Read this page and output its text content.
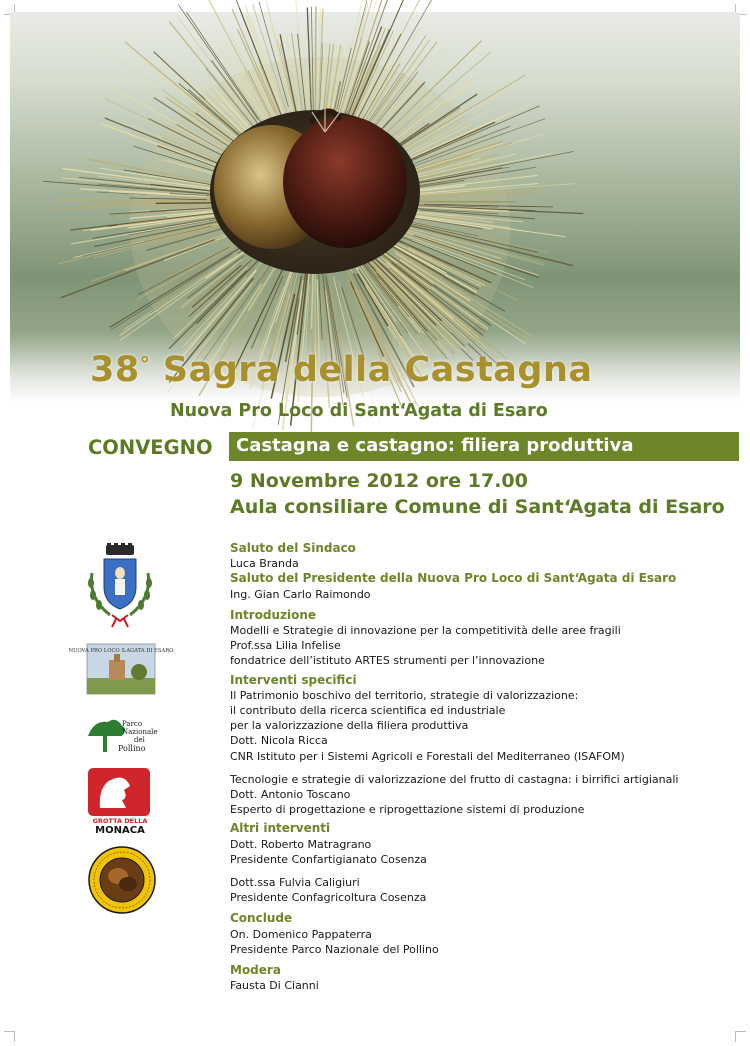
38° Sagra della Castagna
Nuova Pro Loco di Sant‘Agata di Esaro
CONVEGNO Castagna e castagno: filiera produttiva
9 Novembre 2012 ore 17.00
Aula consiliare Comune di Sant‘Agata di Esaro
NUOVA PRO LOCO S.AGATA DI ESARO
Parco
Nazionale
del
Pollino
GROTTA DELLA
MONACA
Saluto del Sindaco
Luca Branda
Saluto del Presidente della Nuova Pro Loco di Sant‘Agata di Esaro
Ing. Gian Carlo Raimondo
Introduzione
Modelli e Strategie di innovazione per la competitività delle aree fragili
Prof.ssa Lilia Infelise
fondatrice dell’istituto ARTES strumenti per l’innovazione
Interventi specifici
Il Patrimonio boschivo del territorio, strategie di valorizzazione:
il contributo della ricerca scientifica ed industriale
per la valorizzazione della filiera produttiva
Dott. Nicola Ricca
CNR Istituto per i Sistemi Agricoli e Forestali del Mediterraneo (ISAFOM)
Tecnologie e strategie di valorizzazione del frutto di castagna: i birrifici artigianali
Dott. Antonio Toscano
Esperto di progettazione e riprogettazione sistemi di produzione
Altri interventi
Dott. Roberto Matragrano
Presidente Confartigianato Cosenza
Dott.ssa Fulvia Caligiuri
Presidente Confagricoltura Cosenza
Conclude
On. Domenico Pappaterra
Presidente Parco Nazionale del Pollino
Modera
Fausta Di Cianni
